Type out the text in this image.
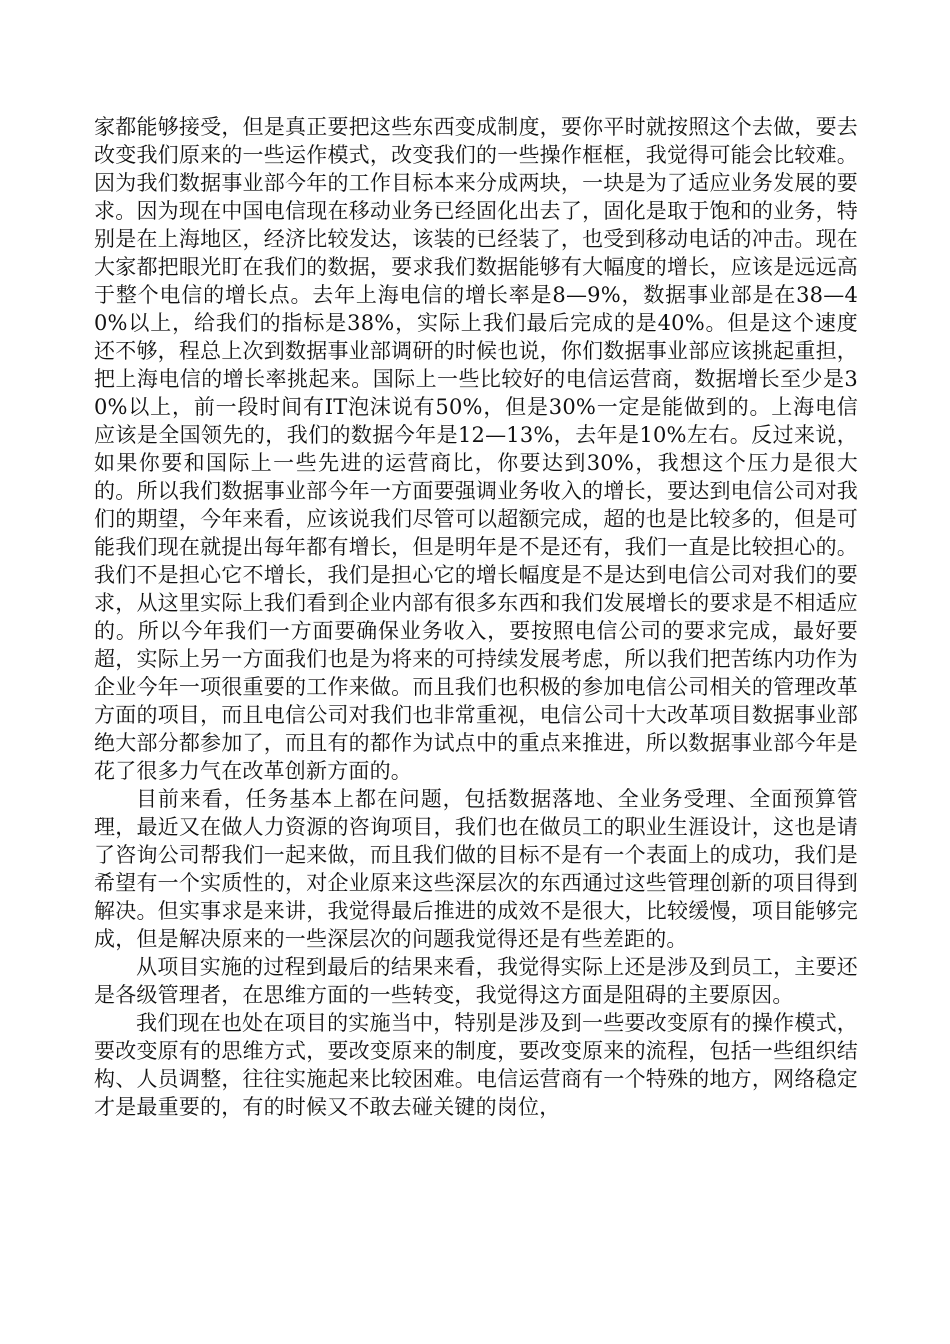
家都能够接受，但是真正要把这些东西变成制度，要你平时就按照这个去做，要去改变我们原来的一些运作模式，改变我们的一些操作框框，我觉得可能会比较难。因为我们数据事业部今年的工作目标本来分成两块，一块是为了适应业务发展的要求。因为现在中国电信现在移动业务已经固化出去了，固化是取于饱和的业务，特别是在上海地区，经济比较发达，该装的已经装了，也受到移动电话的冲击。现在大家都把眼光盯在我们的数据，要求我们数据能够有大幅度的增长，应该是远远高于整个电信的增长点。去年上海电信的增长率是8—9%，数据事业部是在38—40%以上，给我们的指标是38%，实际上我们最后完成的是40%。但是这个速度还不够，程总上次到数据事业部调研的时候也说，你们数据事业部应该挑起重担，把上海电信的增长率挑起来。国际上一些比较好的电信运营商，数据增长至少是30%以上，前一段时间有IT泡沫说有50%，但是30%一定是能做到的。上海电信应该是全国领先的，我们的数据今年是12—13%，去年是10%左右。反过来说，如果你要和国际上一些先进的运营商比，你要达到30%，我想这个压力是很大的。所以我们数据事业部今年一方面要强调业务收入的增长，要达到电信公司对我们的期望，今年来看，应该说我们尽管可以超额完成，超的也是比较多的，但是可能我们现在就提出每年都有增长，但是明年是不是还有，我们一直是比较担心的。我们不是担心它不增长，我们是担心它的增长幅度是不是达到电信公司对我们的要求，从这里实际上我们看到企业内部有很多东西和我们发展增长的要求是不相适应的。所以今年我们一方面要确保业务收入，要按照电信公司的要求完成，最好要超，实际上另一方面我们也是为将来的可持续发展考虑，所以我们把苦练内功作为企业今年一项很重要的工作来做。而且我们也积极的参加电信公司相关的管理改革方面的项目，而且电信公司对我们也非常重视，电信公司十大改革项目数据事业部绝大部分都参加了，而且有的都作为试点中的重点来推进，所以数据事业部今年是花了很多力气在改革创新方面的。

目前来看，任务基本上都在问题，包括数据落地、全业务受理、全面预算管理，最近又在做人力资源的咨询项目，我们也在做员工的职业生涯设计，这也是请了咨询公司帮我们一起来做，而且我们做的目标不是有一个表面上的成功，我们是希望有一个实质性的，对企业原来这些深层次的东西通过这些管理创新的项目得到解决。但实事求是来讲，我觉得最后推进的成效不是很大，比较缓慢，项目能够完成，但是解决原来的一些深层次的问题我觉得还是有些差距的。

从项目实施的过程到最后的结果来看，我觉得实际上还是涉及到员工，主要还是各级管理者，在思维方面的一些转变，我觉得这方面是阻碍的主要原因。

我们现在也处在项目的实施当中，特别是涉及到一些要改变原有的操作模式，要改变原有的思维方式，要改变原来的制度，要改变原来的流程，包括一些组织结构、人员调整，往往实施起来比较困难。电信运营商有一个特殊的地方，网络稳定才是最重要的，有的时候又不敢去碰关键的岗位，
